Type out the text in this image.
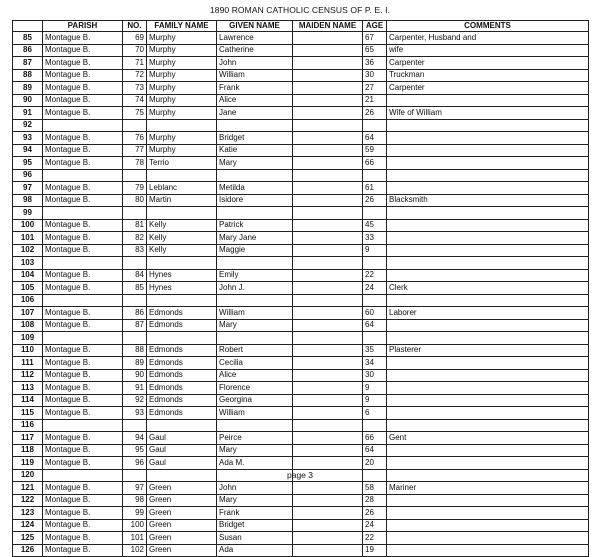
1890 ROMAN CATHOLIC CENSUS OF P. E. I.
	PARISH	NO.	FAMILY NAME	GIVEN NAME	MAIDEN NAME	AGE	COMMENTS
85	Montague B.	69	Murphy	Lawrence		67	Carpenter, Husband and
86	Montague B.	70	Murphy	Catherine		65	wife
87	Montague B.	71	Murphy	John		36	Carpenter
88	Montague B.	72	Murphy	William		30	Truckman
89	Montague B.	73	Murphy	Frank		27	Carpenter
90	Montague B.	74	Murphy	Alice		21	
91	Montague B.	75	Murphy	Jane		26	Wife of William
92							
93	Montague B.	76	Murphy	Bridget		64	
94	Montague B.	77	Murphy	Katie		59	
95	Montague B.	78	Terrio	Mary		66	
96							
97	Montague B.	79	Leblanc	Metilda		61	
98	Montague B.	80	Martin	Isidore		26	Blacksmith
99							
100	Montague B.	81	Kelly	Patrick		45	
101	Montague B.	82	Kelly	Mary Jane		33	
102	Montague B.	83	Kelly	Maggie		9	
103							
104	Montague B.	84	Hynes	Emily		22	
105	Montague B.	85	Hynes	John J.		24	Clerk
106							
107	Montague B.	86	Edmonds	William		60	Laborer
108	Montague B.	87	Edmonds	Mary		64	
109							
110	Montague B.	88	Edmonds	Robert		35	Plasterer
111	Montague B.	89	Edmonds	Cecilia		34	
112	Montague B.	90	Edmonds	Alice		30	
113	Montague B.	91	Edmonds	Florence		9	
114	Montague B.	92	Edmonds	Georgina		9	
115	Montague B.	93	Edmonds	William		6	
116							
117	Montague B.	94	Gaul	Peirce		66	Gent
118	Montague B.	95	Gaul	Mary		64	
119	Montague B.	96	Gaul	Ada M.		20	
120							
121	Montague B.	97	Green	John		58	Mariner
122	Montague B.	98	Green	Mary		28	
123	Montague B.	99	Green	Frank		26	
124	Montague B.	100	Green	Bridget		24	
125	Montague B.	101	Green	Susan		22	
126	Montague B.	102	Green	Ada		19	
page 3
